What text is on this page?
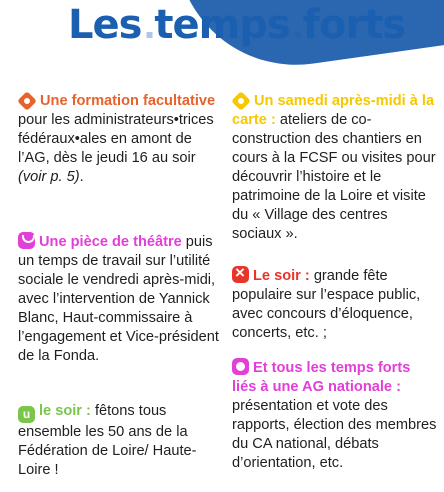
Les temps forts
Une formation facultative pour les administrateurs•trices fédéraux•ales en amont de l’AG, dès le jeudi 16 au soir (voir p. 5).
Une pièce de théâtre puis un temps de travail sur l’utilité sociale le vendredi après-midi, avec l’intervention de Yannick Blanc, Haut-commissaire à l’engagement et Vice-président de la Fonda.
u le soir : fêtons tous ensemble les 50 ans de la Fédération de Loire/ Haute-Loire !
Un samedi après-midi à la carte : ateliers de co-construction des chantiers en cours à la FCSF ou visites pour découvrir l’histoire et le patrimoine de la Loire et visite du « Village des centres sociaux ».
×Le soir : grande fête populaire sur l’espace public, avec concours d’éloquence, concerts, etc. ;
Et tous les temps forts liés à une AG nationale : présentation et vote des rapports, élection des membres du CA national, débats d’orientation, etc.
